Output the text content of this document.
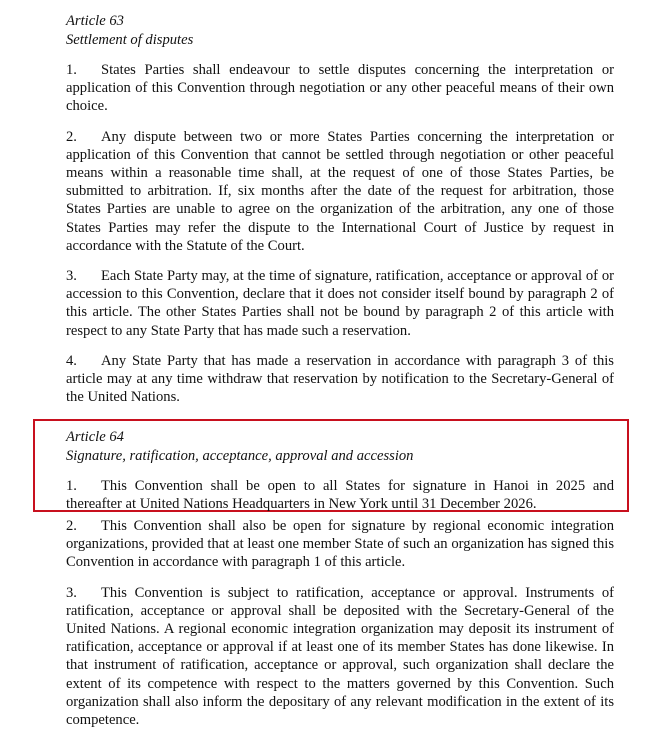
Article 63
Settlement of disputes

1. States Parties shall endeavour to settle disputes concerning the interpretation or application of this Convention through negotiation or any other peaceful means of their own choice.

2. Any dispute between two or more States Parties concerning the interpretation or application of this Convention that cannot be settled through negotiation or other peaceful means within a reasonable time shall, at the request of one of those States Parties, be submitted to arbitration. If, six months after the date of the request for arbitration, those States Parties are unable to agree on the organization of the arbitration, any one of those States Parties may refer the dispute to the International Court of Justice by request in accordance with the Statute of the Court.

3. Each State Party may, at the time of signature, ratification, acceptance or approval of or accession to this Convention, declare that it does not consider itself bound by paragraph 2 of this article. The other States Parties shall not be bound by paragraph 2 of this article with respect to any State Party that has made such a reservation.

4. Any State Party that has made a reservation in accordance with paragraph 3 of this article may at any time withdraw that reservation by notification to the Secretary-General of the United Nations.

Article 64
Signature, ratification, acceptance, approval and accession

1. This Convention shall be open to all States for signature in Hanoi in 2025 and thereafter at United Nations Headquarters in New York until 31 December 2026.

2. This Convention shall also be open for signature by regional economic integration organizations, provided that at least one member State of such an organization has signed this Convention in accordance with paragraph 1 of this article.

3. This Convention is subject to ratification, acceptance or approval. Instruments of ratification, acceptance or approval shall be deposited with the Secretary-General of the United Nations. A regional economic integration organization may deposit its instrument of ratification, acceptance or approval if at least one of its member States has done likewise. In that instrument of ratification, acceptance or approval, such organization shall declare the extent of its competence with respect to the matters governed by this Convention. Such organization shall also inform the depositary of any relevant modification in the extent of its competence.
